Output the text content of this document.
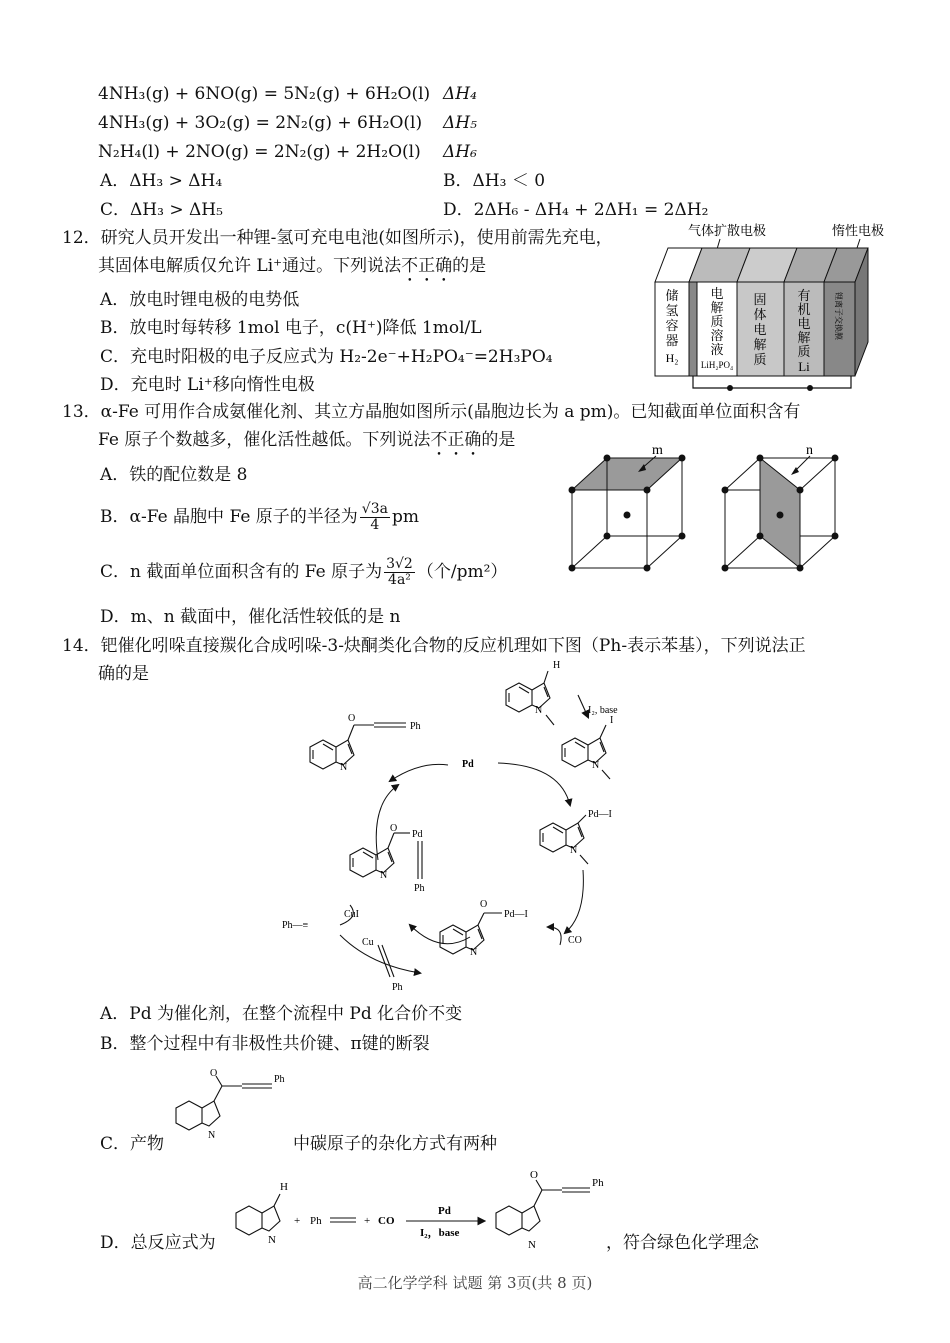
4NH₃(g) + 6NO(g) = 5N₂(g) + 6H₂O(l) ΔH₄
4NH₃(g) + 3O₂(g) = 2N₂(g) + 6H₂O(l) ΔH₅
N₂H₄(l) + 2NO(g) = 2N₂(g) + 2H₂O(l) ΔH₆
A．ΔH₃ > ΔH₄	B．ΔH₃ ＜ 0
C．ΔH₃ > ΔH₅	D．2ΔH₆ - ΔH₄ + 2ΔH₁ = 2ΔH₂
12．研究人员开发出一种锂-氢可充电电池(如图所示)，使用前需先充电，
其固体电解质仅允许 Li⁺通过。下列说法不正确的是
A．放电时锂电极的电势低
B．放电时每转移 1mol 电子，c(H⁺)降低 1mol/L
C．充电时阳极的电子反应式为 H₂-2e⁻+H₂PO₄⁻=2H₃PO₄
D．充电时 Li⁺移向惰性电极
气体扩散电极	惰性电极
储
氢
容
器
H₂
电
解
质
溶
液
LiH₂PO₄
固
体
电
解
质
有
机
电
解
质
Li
锂离子交换膜
13．α-Fe 可用作合成氨催化剂、其立方晶胞如图所示(晶胞边长为 a pm)。已知截面单位面积含有
Fe 原子个数越多，催化活性越低。下列说法不正确的是
A．铁的配位数是 8
B．α-Fe 晶胞中 Fe 原子的半径为 $\frac{√3a}{4}$ pm
C．n 截面单位面积含有的 Fe 原子为 $\frac{3√2}{\text{4a²}}$ （个/pm²）
D．m、n 截面中，催化活性较低的是 n
m	n
14．钯催化吲哚直接羰化合成吲哚-3-炔酮类化合物的反应机理如下图（Ph-表示苯基），下列说法正
确的是	H
N	I₂, base
I
N
Pd
Pd—I
N
O
Pd—I
N
CO
Ph—≡
CuI
Cu
Ph
O
Pd
Ph
N
O
Ph
N
A．Pd 为催化剂，在整个流程中 Pd 化合价不变
B．整个过程中有非极性共价键、π键的断裂
O
Ph
N
C．产物	中碳原子的杂化方式有两种
D．总反应式为
H
N
+ Ph	+ CO
Pd
I₂，base
O
Ph
N	，符合绿色化学理念
高二化学学科 试题 第 3页(共 8 页)
